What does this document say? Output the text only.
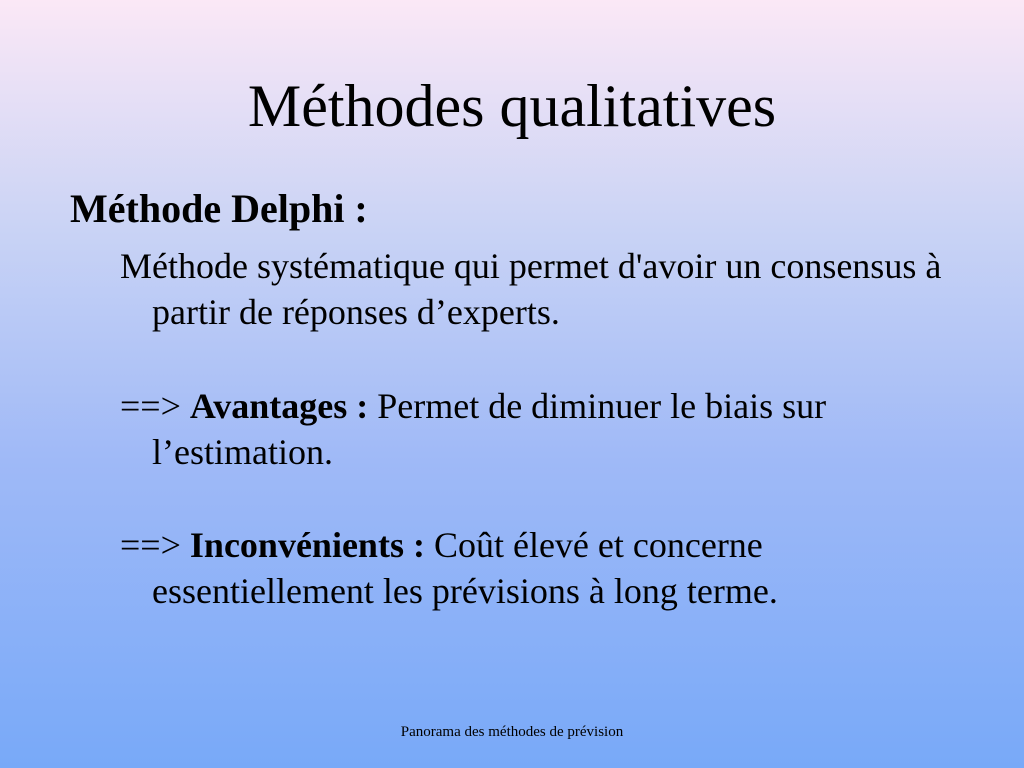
Méthodes qualitatives
Méthode Delphi :
Méthode systématique qui permet d'avoir un consensus à partir de réponses d’experts.
==> Avantages : Permet de diminuer le biais sur l’estimation.
==> Inconvénients : Coût élevé et concerne essentiellement les prévisions à long terme.
Panorama des méthodes de prévision
